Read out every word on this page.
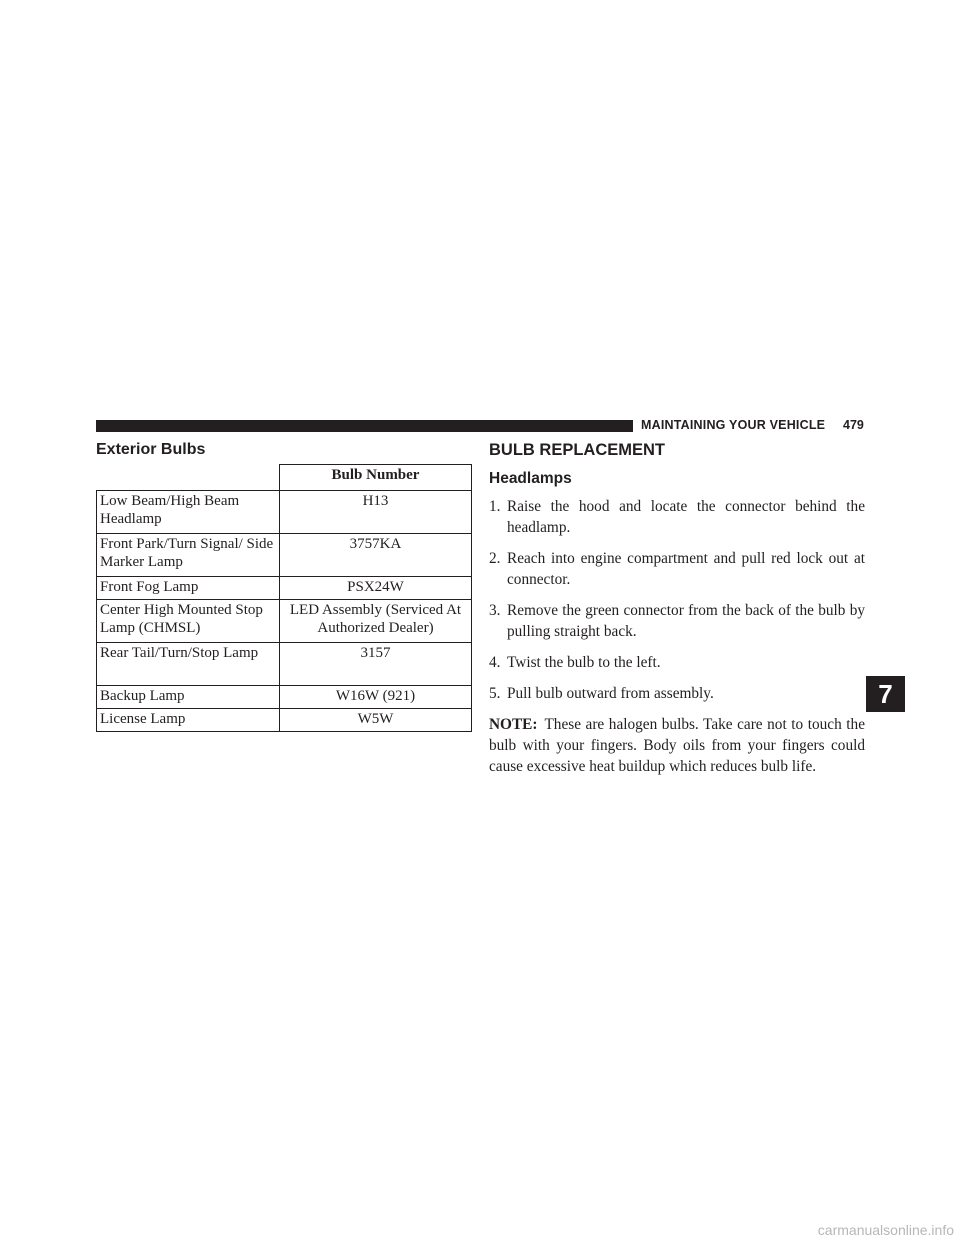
MAINTAINING YOUR VEHICLE 479
Exterior Bulbs
	Bulb Number
Low Beam/High Beam Headlamp	H13
Front Park/Turn Signal/ Side Marker Lamp	3757KA
Front Fog Lamp	PSX24W
Center High Mounted Stop Lamp (CHMSL)	LED Assembly (Serviced At Authorized Dealer)
Rear Tail/Turn/Stop Lamp	3157
Backup Lamp	W16W (921)
License Lamp	W5W
BULB REPLACEMENT
Headlamps
1. Raise the hood and locate the connector behind the headlamp.
2. Reach into engine compartment and pull red lock out at connector.
3. Remove the green connector from the back of the bulb by pulling straight back.
4. Twist the bulb to the left.
5. Pull bulb outward from assembly.
NOTE: These are halogen bulbs. Take care not to touch the bulb with your fingers. Body oils from your fingers could cause excessive heat buildup which reduces bulb life.
7
carmanualsonline.info
